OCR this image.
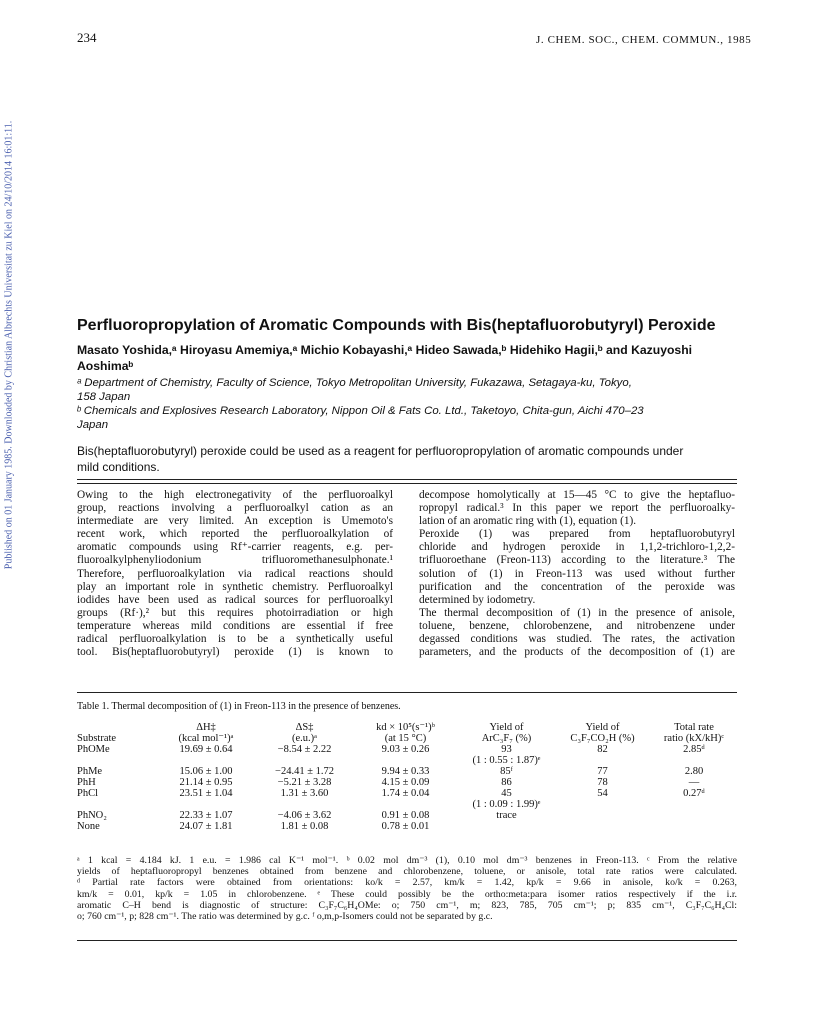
Published on 01 January 1985. Downloaded by Christian Albrechts Universitat zu Kiel on 24/10/2014 16:01:11.
234	J. CHEM. SOC., CHEM. COMMUN., 1985
Perfluoropropylation of Aromatic Compounds with Bis(heptafluorobutyryl) Peroxide
Masato Yoshida,ᵃ Hiroyasu Amemiya,ᵃ Michio Kobayashi,ᵃ Hideo Sawada,ᵇ Hidehiko Hagii,ᵇ and Kazuyoshi
Aoshimaᵇ
ᵃ Department of Chemistry, Faculty of Science, Tokyo Metropolitan University, Fukazawa, Setagaya-ku, Tokyo,
158 Japan
ᵇ Chemicals and Explosives Research Laboratory, Nippon Oil & Fats Co. Ltd., Taketoyo, Chita-gun, Aichi 470–23
Japan
Bis(heptafluorobutyryl) peroxide could be used as a reagent for perfluoropropylation of aromatic compounds under
mild conditions.
Owing to the high electronegativity of the perfluoroalkyl
group, reactions involving a perfluoroalkyl cation as an
intermediate are very limited. An exception is Umemoto's
recent work, which reported the perfluoroalkylation of
aromatic compounds using Rf⁺-carrier reagents, e.g. per-
fluoroalkylphenyliodonium trifluoromethanesulphonate.¹
Therefore, perfluoroalkylation via radical reactions should
play an important role in synthetic chemistry. Perfluoroalkyl
iodides have been used as radical sources for perfluoroalkyl
groups (Rf·),² but this requires photoirradiation or high
temperature whereas mild conditions are essential if free
radical perfluoroalkylation is to be a synthetically useful
tool. Bis(heptafluorobutyryl) peroxide (1) is known to
decompose homolytically at 15—45 °C to give the heptafluo-
ropropyl radical.³ In this paper we report the perfluoroalky-
lation of an aromatic ring with (1), equation (1).
Peroxide (1) was prepared from heptafluorobutyryl
chloride and hydrogen peroxide in 1,1,2-trichloro-1,2,2-
trifluoroethane (Freon-113) according to the literature.³ The
solution of (1) in Freon-113 was used without further
purification and the concentration of the peroxide was
determined by iodometry.
The thermal decomposition of (1) in the presence of anisole,
toluene, benzene, chlorobenzene, and nitrobenzene under
degassed conditions was studied. The rates, the activation
parameters, and the products of the decomposition of (1) are
Table 1. Thermal decomposition of (1) in Freon-113 in the presence of benzenes.
	ΔH‡	ΔS‡	kd × 10⁵(s⁻¹)ᵇ	Yield of	Yield of	Total rate
Substrate	(kcal mol⁻¹)ᵃ	(e.u.)ᵃ	(at 15 °C)	ArC₃F₇ (%)	C₃F₇CO₂H (%)	ratio (kX/kH)ᶜ
PhOMe	19.69 ± 0.64	−8.54 ± 2.22	9.03 ± 0.26	93	82	2.85ᵈ
				(1 : 0.55 : 1.87)ᵉ		
PhMe	15.06 ± 1.00	−24.41 ± 1.72	9.94 ± 0.33	85ᶠ	77	2.80
PhH	21.14 ± 0.95	−5.21 ± 3.28	4.15 ± 0.09	86	78	—
PhCl	23.51 ± 1.04	1.31 ± 3.60	1.74 ± 0.04	45	54	0.27ᵈ
				(1 : 0.09 : 1.99)ᵉ		
PhNO₂	22.33 ± 1.07	−4.06 ± 3.62	0.91 ± 0.08	trace		
None	24.07 ± 1.81	1.81 ± 0.08	0.78 ± 0.01			
ᵃ 1 kcal = 4.184 kJ. 1 e.u. = 1.986 cal K⁻¹ mol⁻¹. ᵇ 0.02 mol dm⁻³ (1), 0.10 mol dm⁻³ benzenes in Freon-113. ᶜ From the relative
yields of heptafluoropropyl benzenes obtained from benzene and chlorobenzene, toluene, or anisole, total rate ratios were calculated.
ᵈ Partial rate factors were obtained from orientations: ko/k = 2.57, km/k = 1.42, kp/k = 9.66 in anisole, ko/k = 0.263,
km/k = 0.01, kp/k = 1.05 in chlorobenzene. ᵉ These could possibly be the ortho:meta:para isomer ratios respectively if the i.r.
aromatic C–H bend is diagnostic of structure: C₃F₇C₆H₄OMe: o; 750 cm⁻¹, m; 823, 785, 705 cm⁻¹; p; 835 cm⁻¹, C₃F₇C₆H₄Cl:
o; 760 cm⁻¹, p; 828 cm⁻¹. The ratio was determined by g.c. ᶠ o,m,p-Isomers could not be separated by g.c.
